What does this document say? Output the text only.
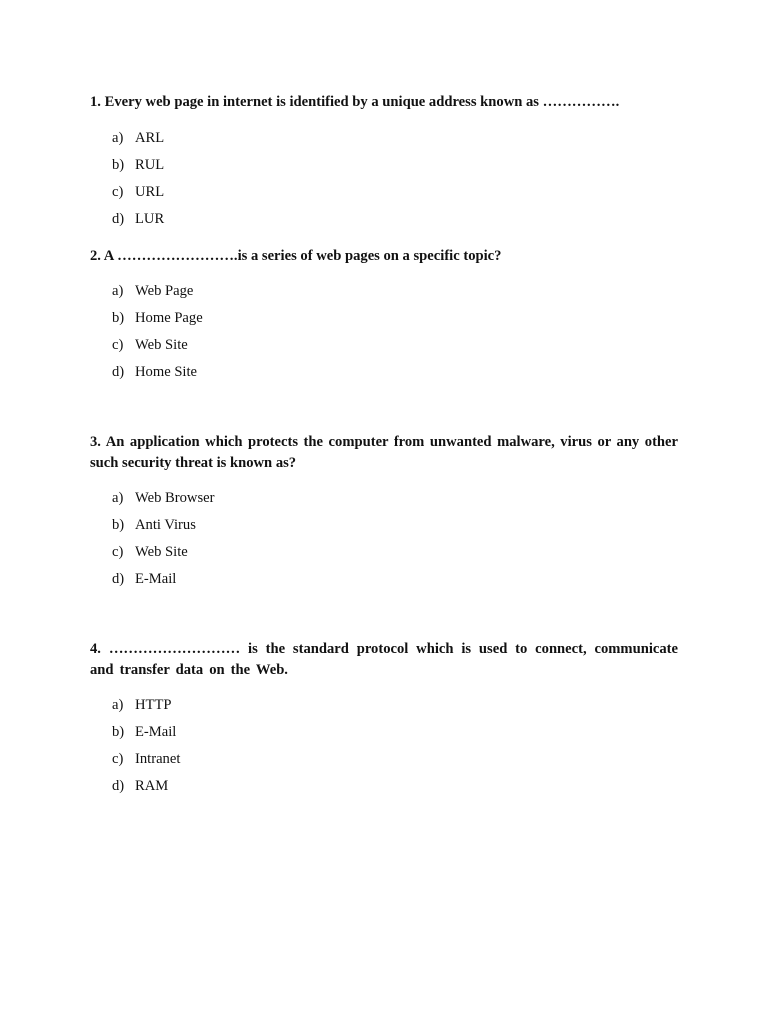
1. Every web page in internet is identified by a unique address known as …………….

a) ARL
b) RUL
c) URL
d) LUR

2. A …………………….is a series of web pages on a specific topic?

a) Web Page
b) Home Page
c) Web Site
d) Home Site

3. An application which protects the computer from unwanted malware, virus or any other such security threat is known as?

a) Web Browser
b) Anti Virus
c) Web Site
d) E-Mail

4. ……………………… is the standard protocol which is used to connect, communicate and transfer data on the Web.

a) HTTP
b) E-Mail
c) Intranet
d) RAM
